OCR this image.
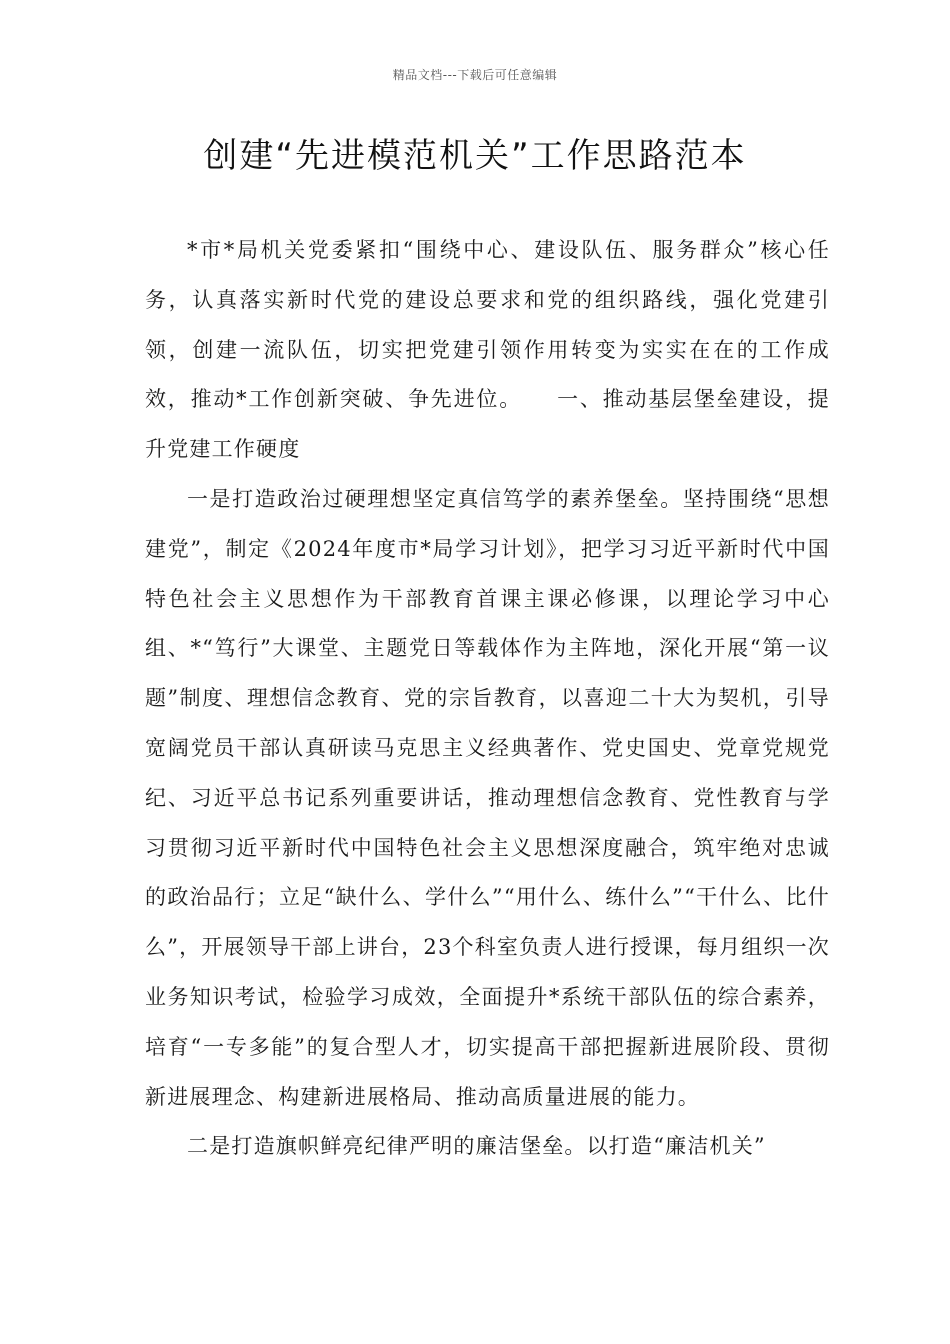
精品文档---下载后可任意编辑
创建“先进模范机关”工作思路范本

*市*局机关党委紧扣“围绕中心、建设队伍、服务群众”核心任务，认真落实新时代党的建设总要求和党的组织路线，强化党建引领，创建一流队伍，切实把党建引领作用转变为实实在在的工作成效，推动*工作创新突破、争先进位。　　一、推动基层堡垒建设，提升党建工作硬度

一是打造政治过硬理想坚定真信笃学的素养堡垒。坚持围绕“思想建党”，制定《2024年度市*局学习计划》，把学习习近平新时代中国特色社会主义思想作为干部教育首课主课必修课，以理论学习中心组、*“笃行”大课堂、主题党日等载体作为主阵地，深化开展“第一议题”制度、理想信念教育、党的宗旨教育，以喜迎二十大为契机，引导宽阔党员干部认真研读马克思主义经典著作、党史国史、党章党规党纪、习近平总书记系列重要讲话，推动理想信念教育、党性教育与学习贯彻习近平新时代中国特色社会主义思想深度融合，筑牢绝对忠诚的政治品行；立足“缺什么、学什么”“用什么、练什么”“干什么、比什么”，开展领导干部上讲台，23个科室负责人进行授课，每月组织一次业务知识考试，检验学习成效，全面提升*系统干部队伍的综合素养，培育“一专多能”的复合型人才，切实提高干部把握新进展阶段、贯彻新进展理念、构建新进展格局、推动高质量进展的能力。

二是打造旗帜鲜亮纪律严明的廉洁堡垒。以打造“廉洁机关”
